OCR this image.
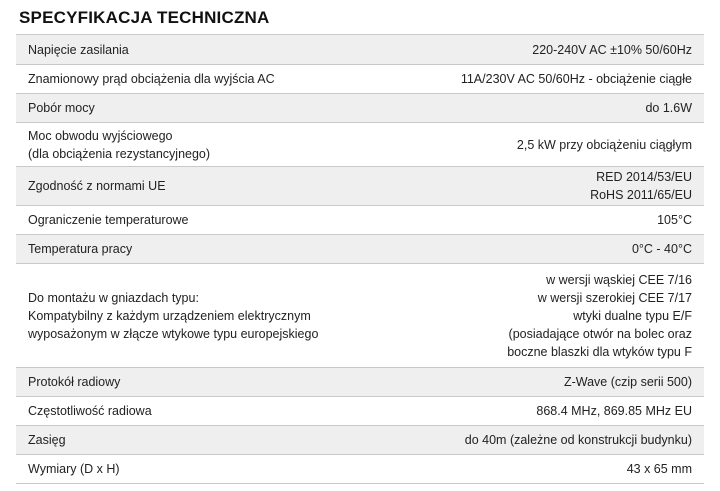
SPECYFIKACJA TECHNICZNA
Napięcie zasilania	220-240V AC ±10% 50/60Hz

Znamionowy prąd obciążenia dla wyjścia AC	11A/230V AC 50/60Hz - obciążenie ciągłe

Pobór mocy	do 1.6W

Moc obwodu wyjściowego
(dla obciążenia rezystancyjnego)	2,5 kW przy obciążeniu ciągłym

Zgodność z normami UE	RED 2014/53/EU
RoHS 2011/65/EU

Ograniczenie temperaturowe	105°C

Temperatura pracy	0°C - 40°C

Do montażu w gniazdach typu:
Kompatybilny z każdym urządzeniem elektrycznym
wyposażonym w złącze wtykowe typu europejskiego	w wersji wąskiej CEE 7/16
w wersji szerokiej CEE 7/17
wtyki dualne typu E/F
(posiadające otwór na bolec oraz
boczne blaszki dla wtyków typu F

Protokół radiowy	Z-Wave (czip serii 500)

Częstotliwość radiowa	868.4 MHz, 869.85 MHz EU

Zasięg	do 40m (zależne od konstrukcji budynku)

Wymiary (D x H)	43 x 65 mm
